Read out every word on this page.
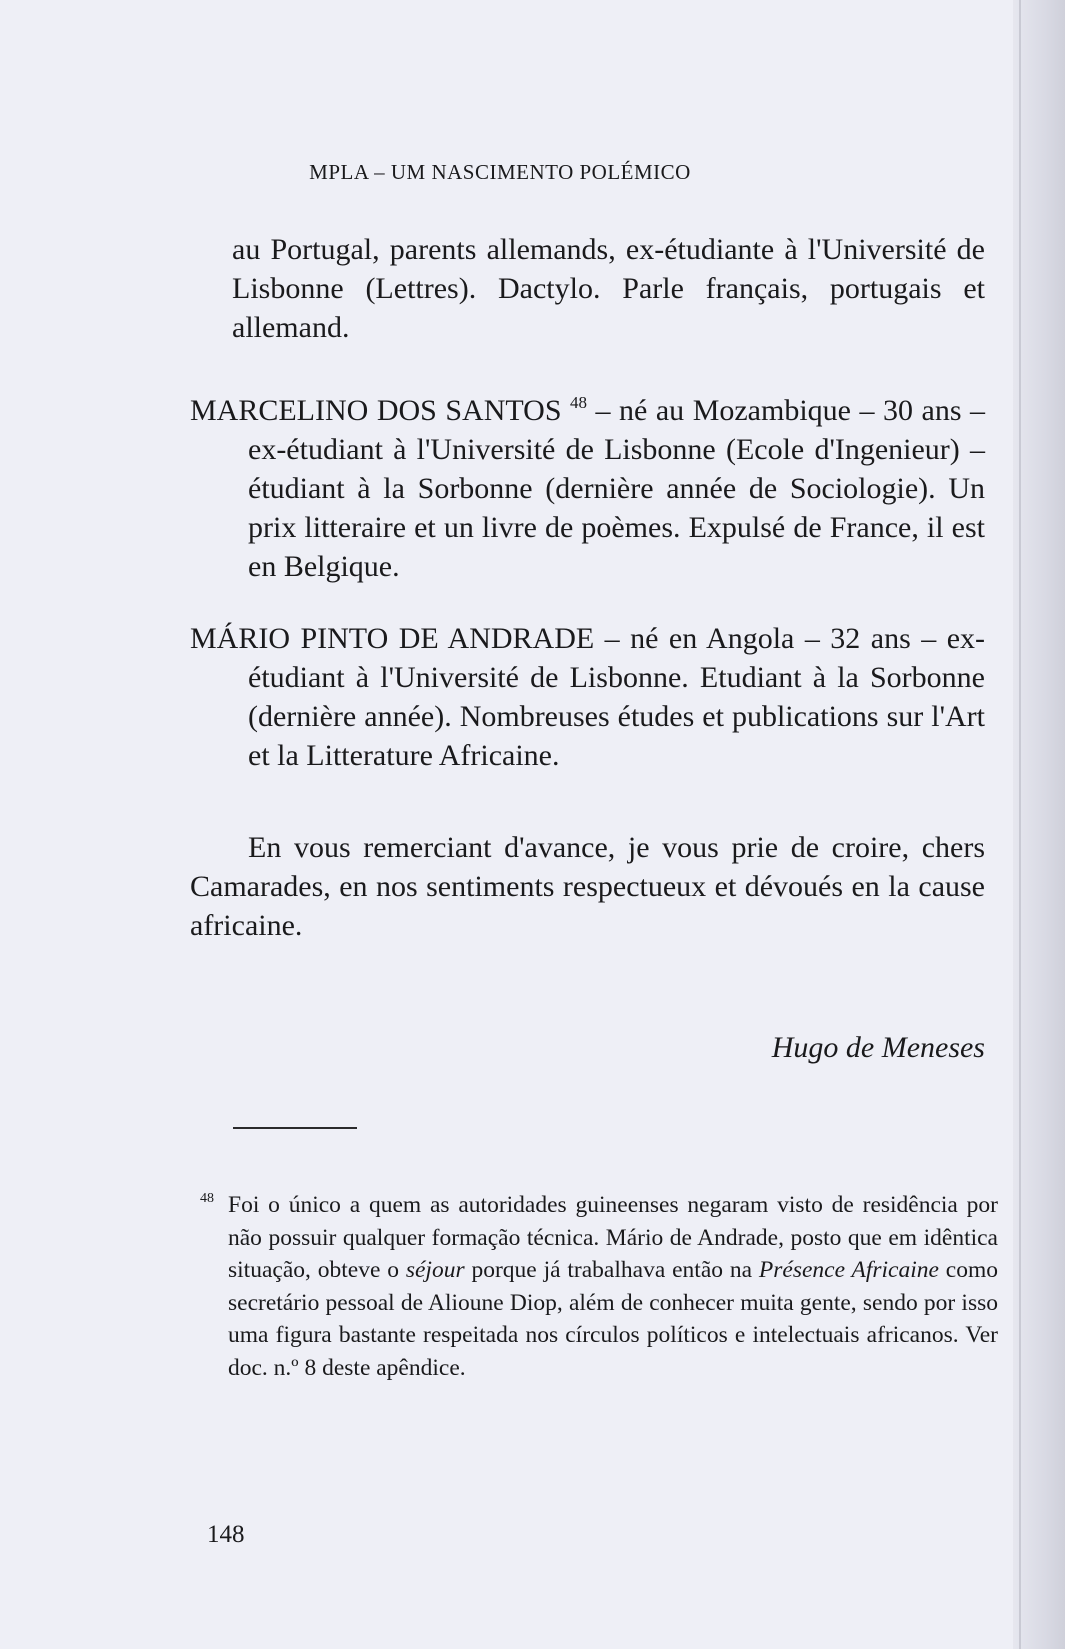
MPLA – UM NASCIMENTO POLÉMICO

au Portugal, parents allemands, ex-étudiante à l'Université de Lisbonne (Lettres). Dactylo. Parle français, portugais et allemand.

MARCELINO DOS SANTOS $^{48}$ – né au Mozambique – 30 ans – ex-étudiant à l'Université de Lisbonne (Ecole d'Ingenieur) – étudiant à la Sorbonne (dernière année de Sociologie). Un prix litteraire et un livre de poèmes. Expulsé de France, il est en Belgique.

MÁRIO PINTO DE ANDRADE – né en Angola – 32 ans – ex-étudiant à l'Université de Lisbonne. Etudiant à la Sorbonne (dernière année). Nombreuses études et publications sur l'Art et la Litterature Africaine.

En vous remerciant d'avance, je vous prie de croire, chers Camarades, en nos sentiments respectueux et dévoués en la cause africaine.

Hugo de Meneses
48 Foi o único a quem as autoridades guineenses negaram visto de residência por não possuir qualquer formação técnica. Mário de Andrade, posto que em idêntica situação, obteve o séjour porque já trabalhava então na Présence Africaine como secretário pessoal de Alioune Diop, além de conhecer muita gente, sendo por isso uma figura bastante respeitada nos círculos políticos e intelectuais africanos. Ver doc. n.º 8 deste apêndice.
148
